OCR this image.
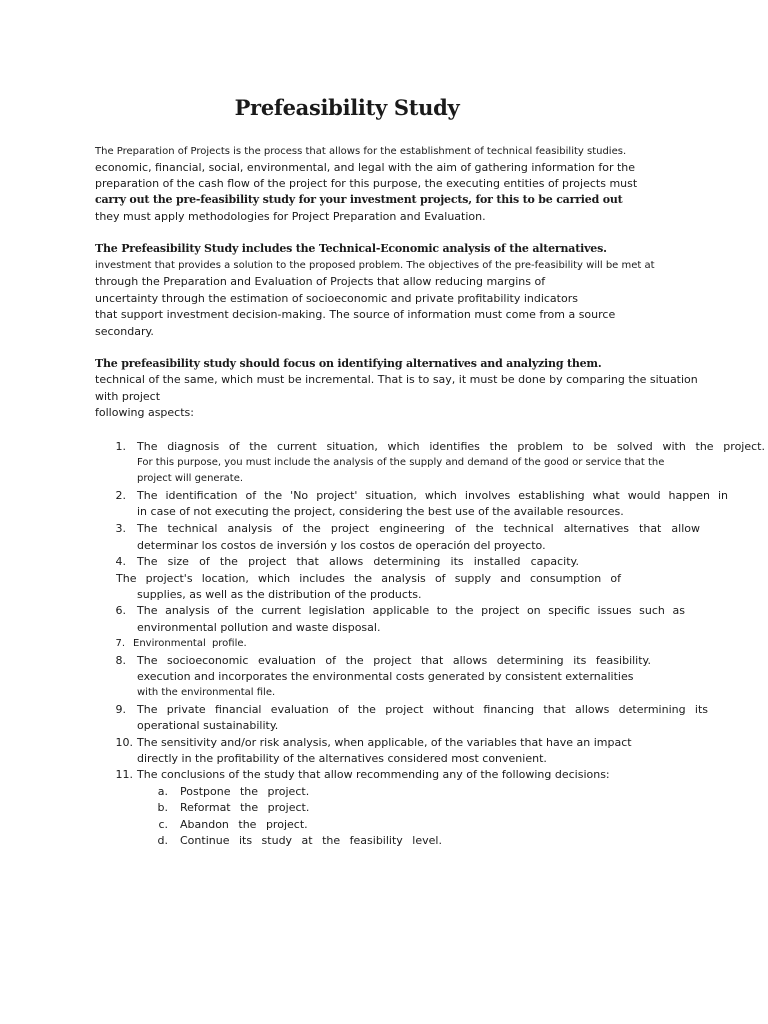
Prefeasibility Study
The Preparation of Projects is the process that allows for the establishment of technical feasibility studies.
economic, financial, social, environmental, and legal with the aim of gathering information for the
preparation of the cash flow of the project for this purpose, the executing entities of projects must
carry out the pre-feasibility study for your investment projects, for this to be carried out
they must apply methodologies for Project Preparation and Evaluation.
The Prefeasibility Study includes the Technical-Economic analysis of the alternatives.
investment that provides a solution to the proposed problem. The objectives of the pre-feasibility will be met at
through the Preparation and Evaluation of Projects that allow reducing margins of
uncertainty through the estimation of socioeconomic and private profitability indicators
that support investment decision-making. The source of information must come from a source
secondary.
The prefeasibility study should focus on identifying alternatives and analyzing them.
technical of the same, which must be incremental. That is to say, it must be done by comparing the situation
with project
following aspects:
1. The diagnosis of the current situation, which identifies the problem to be solved with the project.
For this purpose, you must include the analysis of the supply and demand of the good or service that the
project will generate.
2. The identification of the 'No project' situation, which involves establishing what would happen in
in case of not executing the project, considering the best use of the available resources.
3. The technical analysis of the project engineering of the technical alternatives that allow
determinar los costos de inversión y los costos de operación del proyecto.
4. The size of the project that allows determining its installed capacity.
The project's location, which includes the analysis of supply and consumption of
supplies, as well as the distribution of the products.
6. The analysis of the current legislation applicable to the project on specific issues such as
environmental pollution and waste disposal.
7. Environmental profile.
8. The socioeconomic evaluation of the project that allows determining its feasibility.
execution and incorporates the environmental costs generated by consistent externalities
with the environmental file.
9. The private financial evaluation of the project without financing that allows determining its
operational sustainability.
10. The sensitivity and/or risk analysis, when applicable, of the variables that have an impact
directly in the profitability of the alternatives considered most convenient.
11. The conclusions of the study that allow recommending any of the following decisions:
a. Postpone the project.
b. Reformat the project.
c. Abandon the project.
d. Continue its study at the feasibility level.
